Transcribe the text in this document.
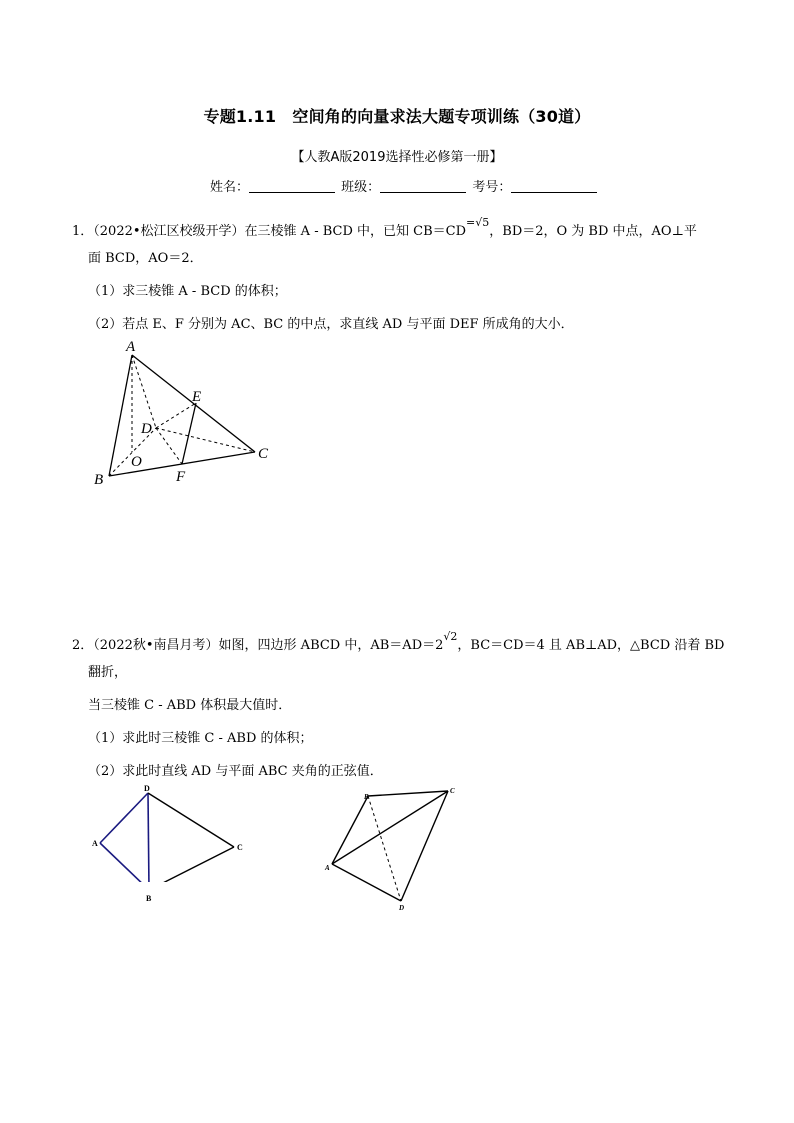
专题1.11　空间角的向量求法大题专项训练（30道）
【人教A版2019选择性必修第一册】
姓名：	班级：	考号：
1．（2022•松江区校级开学）在三棱锥 A - BCD 中，已知 $CB=CD^{=√5}$，BD＝2，O 为 BD 中点，AO⊥平
面 BCD，AO＝2．
（1）求三棱锥 A - BCD 的体积；
（2）若点 E、F 分别为 AC、BC 的中点，求直线 AD 与平面 DEF 所成角的大小．
A
B
C
D
E
F
O
2．（2022秋•南昌月考）如图，四边形 ABCD 中，$AB=AD=2^{√2}$，BC＝CD＝4 且 AB⊥AD，△BCD 沿着 BD
翻折，
当三棱锥 C - ABD 体积最大值时．
（1）求此时三棱锥 C - ABD 的体积；
（2）求此时直线 AD 与平面 ABC 夹角的正弦值．
D
A	C
B
B
C
A
D
